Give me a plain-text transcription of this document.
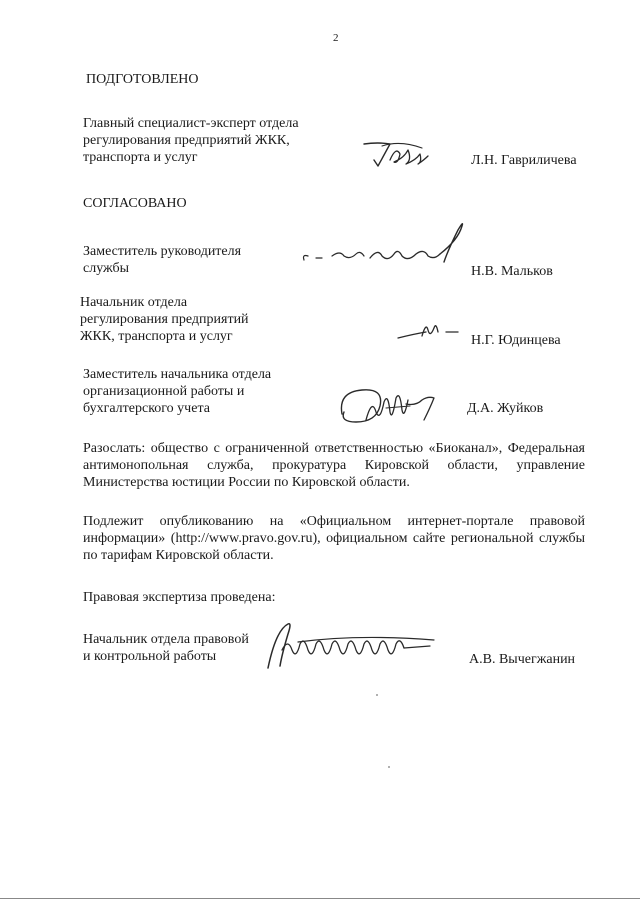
2
ПОДГОТОВЛЕНО
Главный специалист-эксперт отдела
регулирования предприятий ЖКК,
транспорта и услуг	Л.Н. Гавриличева
СОГЛАСОВАНО
Заместитель руководителя
службы	Н.В. Мальков
Начальник отдела
регулирования предприятий
ЖКК, транспорта и услуг	Н.Г. Юдинцева
Заместитель начальника отдела
организационной работы и
бухгалтерского учета	Д.А. Жуйков
Разослать: общество с ограниченной ответственностью «Биоканал», Федеральная антимонопольная служба, прокуратура Кировской области, управление Министерства юстиции России по Кировской области.
Подлежит опубликованию на «Официальном интернет-портале правовой информации» (http://www.pravo.gov.ru), официальном сайте региональной службы по тарифам Кировской области.
Правовая экспертиза проведена:
Начальник отдела правовой
и контрольной работы	А.В. Вычегжанин
